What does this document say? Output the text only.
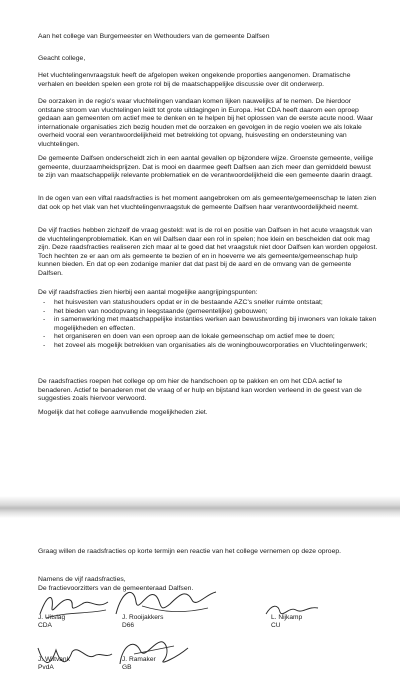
Aan het college van Burgemeester en Wethouders van de gemeente Dalfsen

Geacht college,

Het vluchtelingenvraagstuk heeft de afgelopen weken ongekende proporties aangenomen. Dramatische verhalen en beelden spelen een grote rol bij de maatschappelijke discussie over dit onderwerp.

De oorzaken in de regio's waar vluchtelingen vandaan komen lijken nauwelijks af te nemen. De hierdoor ontstane stroom van vluchtelingen leidt tot grote uitdagingen in Europa. Het CDA heeft daarom een oproep gedaan aan gemeenten om actief mee te denken en te helpen bij het oplossen van de eerste acute nood. Waar internationale organisaties zich bezig houden met de oorzaken en gevolgen in de regio voelen we als lokale overheid vooral een verantwoordelijkheid met betrekking tot opvang, huisvesting en ondersteuning van vluchtelingen.

De gemeente Dalfsen onderscheidt zich in een aantal gevallen op bijzondere wijze. Groenste gemeente, veilige gemeente, duurzaamheidsprijzen. Dat is mooi en daarmee geeft Dalfsen aan zich meer dan gemiddeld bewust te zijn van maatschappelijk relevante problematiek en de verantwoordelijkheid die een gemeente daarin draagt.

In de ogen van een viftal raadsfracties is het moment aangebroken om als gemeente/gemeenschap te laten zien dat ook op het vlak van het vluchtelingenvraagstuk de gemeente Dalfsen haar verantwoordelijkheid neemt.

De vijf fracties hebben zichzelf de vraag gesteld: wat is de rol en positie van Dalfsen in het acute vraagstuk van de vluchtelingenproblematiek. Kan en wil Dalfsen daar een rol in spelen; hoe klein en bescheiden dat ook mag zijn. Deze raadsfracties realiseren zich maar al te goed dat het vraagstuk niet door Dalfsen kan worden opgelost. Toch hechten ze er aan om als gemeente te bezien of en in hoeverre we als gemeente/gemeenschap hulp kunnen bieden. En dat op een zodanige manier dat dat past bij de aard en de omvang van de gemeente Dalfsen.

De vijf raadsfracties zien hierbij een aantal mogelijke aangrijpingspunten:

- het huisvesten van statushouders opdat er in de bestaande AZC's sneller ruimte ontstaat;
- het bieden van noodopvang in leegstaande (gemeentelijke) gebouwen;
- in samenwerking met maatschappelijke instanties werken aan bewustwording bij inwoners van lokale taken mogelijkheden en effecten.
- het organiseren en doen van een oproep aan de lokale gemeenschap om actief mee te doen;
- het zoveel als mogelijk betrekken van organisaties als de woningbouwcorporaties en Vluchtelingenwerk;

De raadsfracties roepen het college op om hier de handschoen op te pakken en om het CDA actief te benaderen. Actief te benaderen met de vraag of er hulp en bijstand kan worden verleend in de geest van de suggesties zoals hiervoor verwoord.

Mogelijk dat het college aanvullende mogelijkheden ziet.

Graag willen de raadsfracties op korte termijn een reactie van het college vernemen op deze oproep.

Namens de vijf raadsfracties,

De fractievoorzitters van de gemeenteraad Dalfsen.

J. Uitslag
CDA
J. Rooijakkers
D66
L. Nijkamp
CU
J. Wiltvank
PvdA
J. Ramaker
GB
